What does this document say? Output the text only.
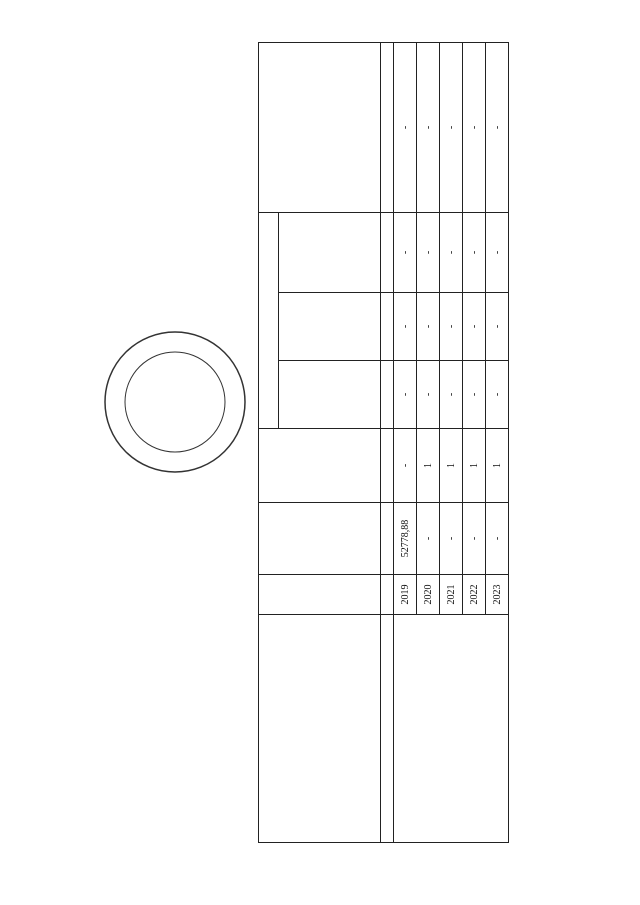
	2019	52778,88	-	-	-	-	-
	2020	-	1	-	-	-	-
	2021	-	1	-	-	-	-
	2022	-	1	-	-	-	-
	2023	-	1	-	-	-	-
